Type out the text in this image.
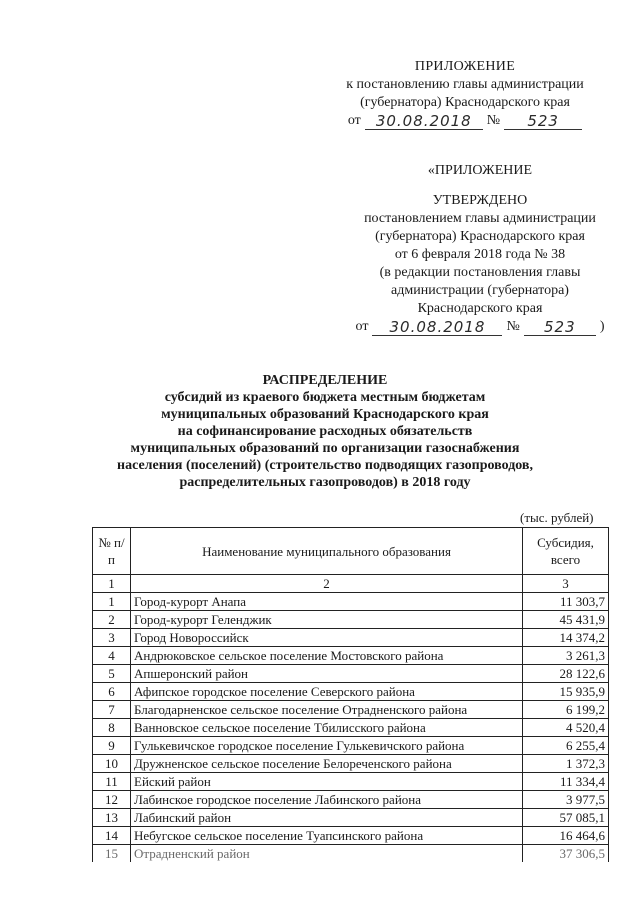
ПРИЛОЖЕНИЕ
к постановлению главы администрации
(губернатора) Краснодарского края
от	30.08.2018	№	523
«ПРИЛОЖЕНИЕ
УТВЕРЖДЕНО
постановлением главы администрации
(губернатора) Краснодарского края
от 6 февраля 2018 года № 38
(в редакции постановления главы
администрации (губернатора)
Краснодарского края
от	30.08.2018	№	523	)
РАСПРЕДЕЛЕНИЕ
субсидий из краевого бюджета местным бюджетам
муниципальных образований Краснодарского края
на софинансирование расходных обязательств
муниципальных образований по организации газоснабжения
населения (поселений) (строительство подводящих газопроводов,
распределительных газопроводов) в 2018 году
(тыс. рублей)
№ п/п	Наименование муниципального образования	Субсидия, всего
1	2	3
1	Город-курорт Анапа	11 303,7
2	Город-курорт Геленджик	45 431,9
3	Город Новороссийск	14 374,2
4	Андрюковское сельское поселение Мостовского района	3 261,3
5	Апшеронский район	28 122,6
6	Афипское городское поселение Северского района	15 935,9
7	Благодарненское сельское поселение Отрадненского района	6 199,2
8	Ванновское сельское поселение Тбилисского района	4 520,4
9	Гулькевичское городское поселение Гулькевичского района	6 255,4
10	Дружненское сельское поселение Белореченского района	1 372,3
11	Ейский район	11 334,4
12	Лабинское городское поселение Лабинского района	3 977,5
13	Лабинский район	57 085,1
14	Небугское сельское поселение Туапсинского района	16 464,6
15	Отрадненский район	37 306,5
